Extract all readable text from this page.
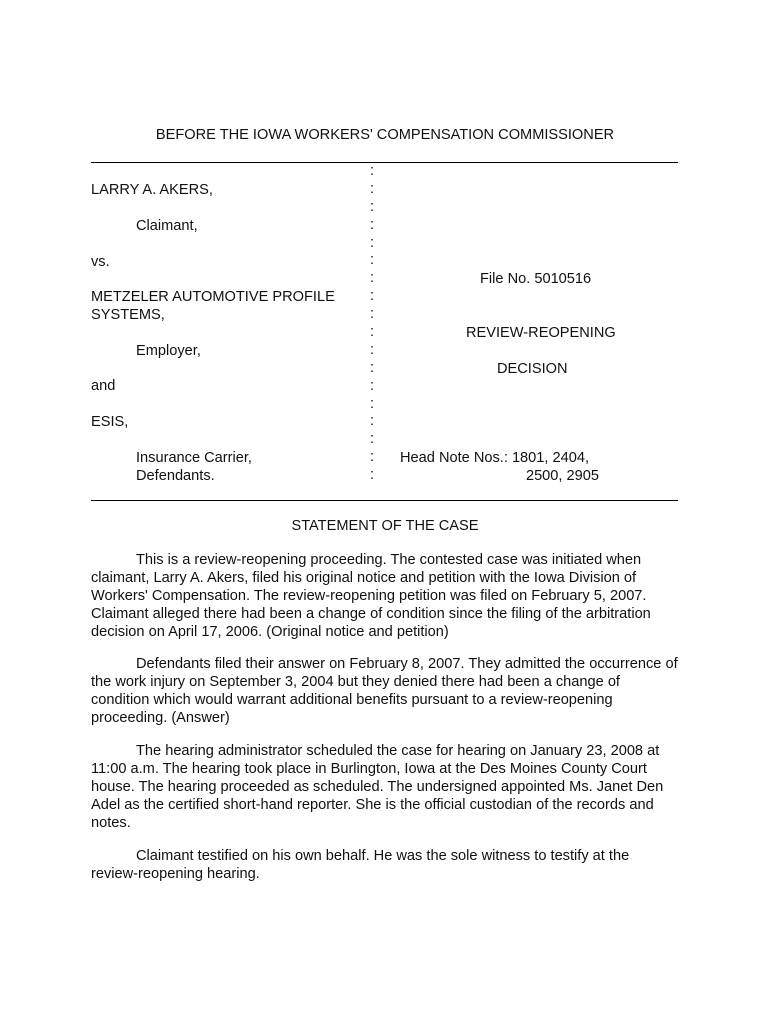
BEFORE THE IOWA WORKERS' COMPENSATION COMMISSIONER
:
:
:
:
:
:
:
:
:
:
:
:
:
:
:
:
:
:
LARRY A. AKERS,
Claimant,
vs.
METZELER AUTOMOTIVE PROFILE
SYSTEMS,
Employer,
and
ESIS,
Insurance Carrier,
Defendants.
File No. 5010516
REVIEW-REOPENING
DECISION
Head Note Nos.: 1801, 2404,
2500, 2905
STATEMENT OF THE CASE

This is a review-reopening proceeding. The contested case was initiated when claimant, Larry A. Akers, filed his original notice and petition with the Iowa Division of Workers' Compensation. The review-reopening petition was filed on February 5, 2007. Claimant alleged there had been a change of condition since the filing of the arbitration decision on April 17, 2006. (Original notice and petition)

Defendants filed their answer on February 8, 2007. They admitted the occurrence of the work injury on September 3, 2004 but they denied there had been a change of condition which would warrant additional benefits pursuant to a review-reopening proceeding. (Answer)

The hearing administrator scheduled the case for hearing on January 23, 2008 at 11:00 a.m. The hearing took place in Burlington, Iowa at the Des Moines County Court house. The hearing proceeded as scheduled. The undersigned appointed Ms. Janet Den Adel as the certified short-hand reporter. She is the official custodian of the records and notes.

Claimant testified on his own behalf. He was the sole witness to testify at the review-reopening hearing.
